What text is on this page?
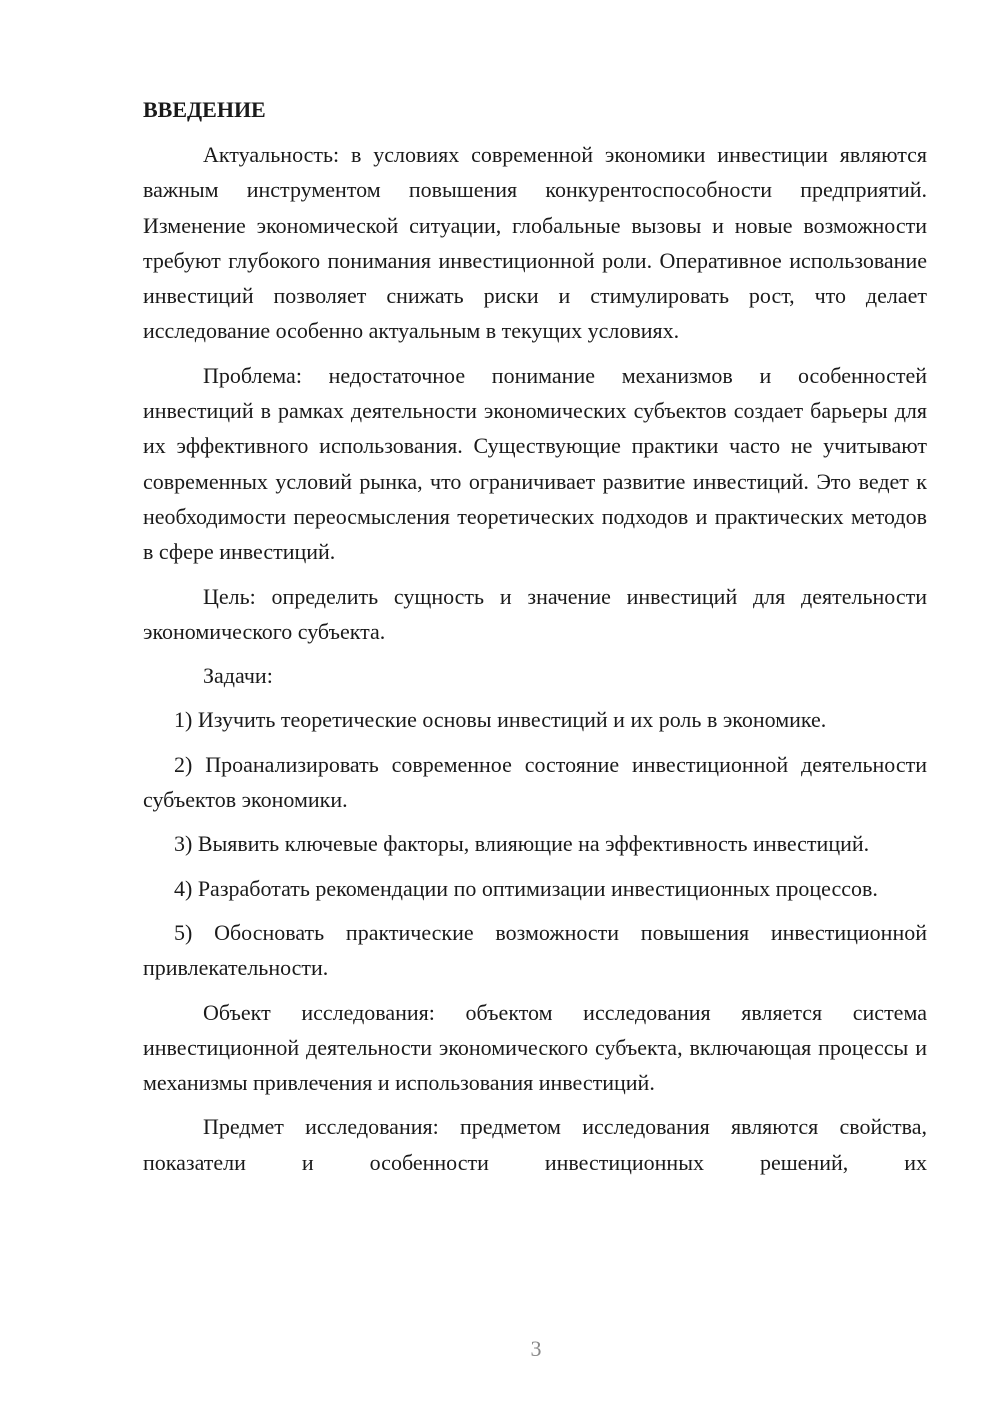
ВВЕДЕНИЕ

Актуальность: в условиях современной экономики инвестиции являются важным инструментом повышения конкурентоспособности предприятий. Изменение экономической ситуации, глобальные вызовы и новые возможности требуют глубокого понимания инвестиционной роли. Оперативное использование инвестиций позволяет снижать риски и стимулировать рост, что делает исследование особенно актуальным в текущих условиях.

Проблема: недостаточное понимание механизмов и особенностей инвестиций в рамках деятельности экономических субъектов создает барьеры для их эффективного использования. Существующие практики часто не учитывают современных условий рынка, что ограничивает развитие инвестиций. Это ведет к необходимости переосмысления теоретических подходов и практических методов в сфере инвестиций.

Цель: определить сущность и значение инвестиций для деятельности экономического субъекта.

Задачи:

1) Изучить теоретические основы инвестиций и их роль в экономике.

2) Проанализировать современное состояние инвестиционной деятельности субъектов экономики.

3) Выявить ключевые факторы, влияющие на эффективность инвестиций.

4) Разработать рекомендации по оптимизации инвестиционных процессов.

5) Обосновать практические возможности повышения инвестиционной привлекательности.

Объект исследования: объектом исследования является система инвестиционной деятельности экономического субъекта, включающая процессы и механизмы привлечения и использования инвестиций.

Предмет исследования: предметом исследования являются свойства, показатели и особенности инвестиционных решений, их

3
